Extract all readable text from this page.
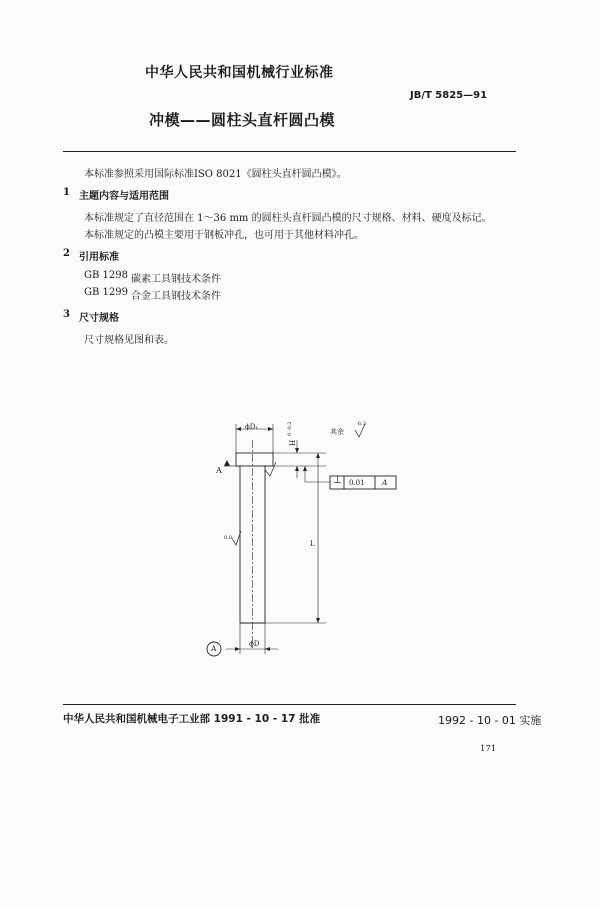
中华人民共和国机械行业标准
JB/T 5825—91
冲模——圆柱头直杆圆凸模
本标准参照采用国际标准ISO 8021《圆柱头直杆圆凸模》。
1 主题内容与适用范围
本标准规定了直径范围在 1～36 mm 的圆柱头直杆圆凸模的尺寸规格、材料、硬度及标记。
本标准规定的凸模主要用于钢板冲孔，也可用于其他材料冲孔。
2 引用标准
GB 1298 碳素工具钢技术条件
GB 1299 合金工具钢技术条件
3 尺寸规格
尺寸规格见图和表。
ϕD₁
H
0 -0.2
L
ϕD
其余
6.3
0.8
A
A
⊥ 0.01 A
中华人民共和国机械电子工业部 1991 - 10 - 17 批准	1992 - 10 - 01 实施
171
